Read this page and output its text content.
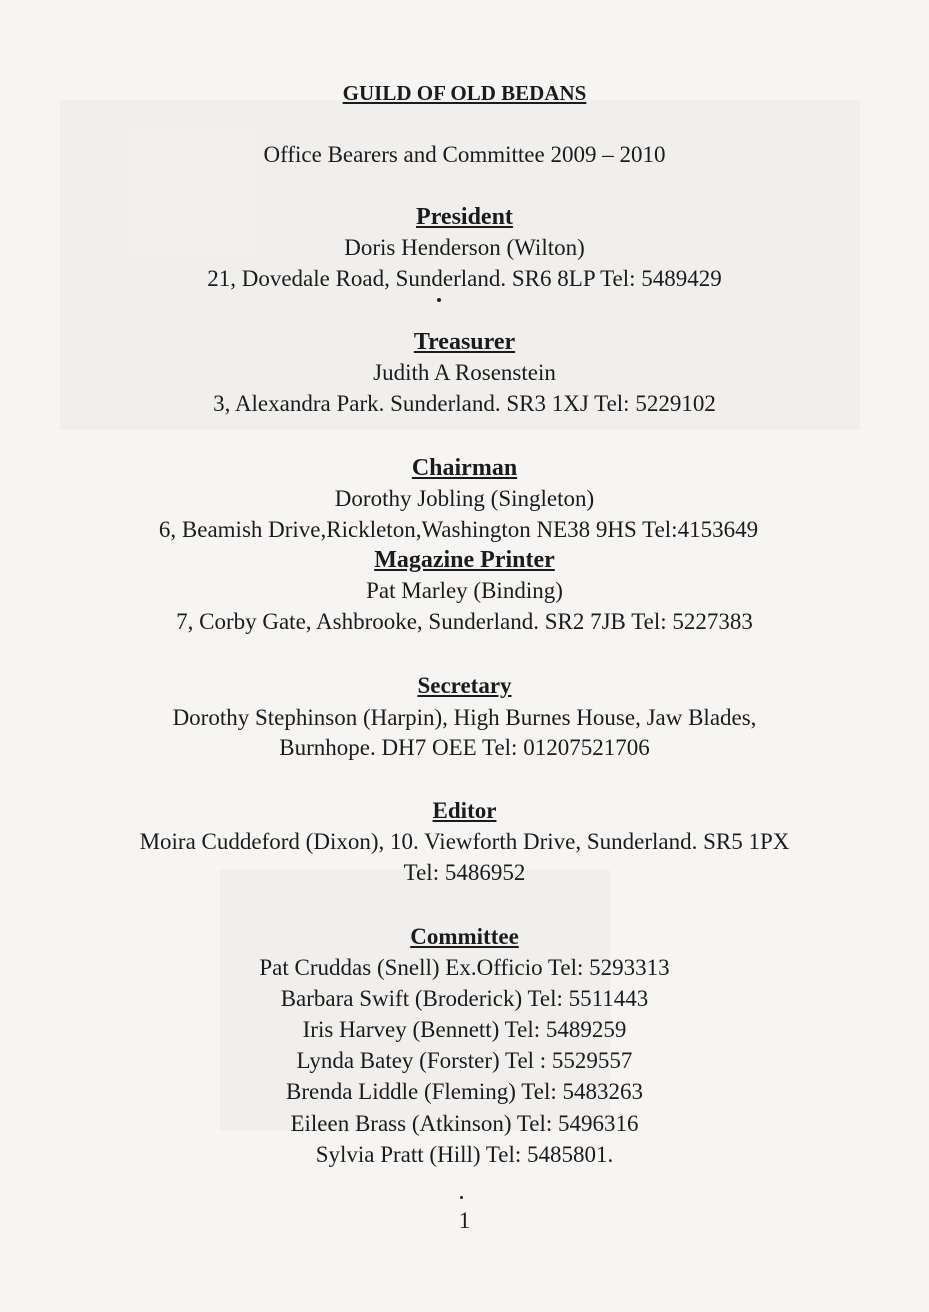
GUILD OF OLD BEDANS
Office Bearers and Committee 2009 – 2010
President
Doris Henderson (Wilton)
21, Dovedale Road, Sunderland. SR6 8LP Tel: 5489429
Treasurer
Judith A Rosenstein
3, Alexandra Park. Sunderland. SR3 1XJ Tel: 5229102
Chairman
Dorothy Jobling (Singleton)
6, Beamish Drive,Rickleton,Washington NE38 9HS Tel:4153649
Magazine Printer
Pat Marley (Binding)
7, Corby Gate, Ashbrooke, Sunderland. SR2 7JB Tel: 5227383
Secretary
Dorothy Stephinson (Harpin), High Burnes House, Jaw Blades,
Burnhope. DH7 OEE Tel: 01207521706
Editor
Moira Cuddeford (Dixon), 10. Viewforth Drive, Sunderland. SR5 1PX
Tel: 5486952
Committee
Pat Cruddas (Snell) Ex.Officio Tel: 5293313
Barbara Swift (Broderick) Tel: 5511443
Iris Harvey (Bennett) Tel: 5489259
Lynda Batey (Forster) Tel : 5529557
Brenda Liddle (Fleming) Tel: 5483263
Eileen Brass (Atkinson) Tel: 5496316
Sylvia Pratt (Hill) Tel: 5485801.
1
